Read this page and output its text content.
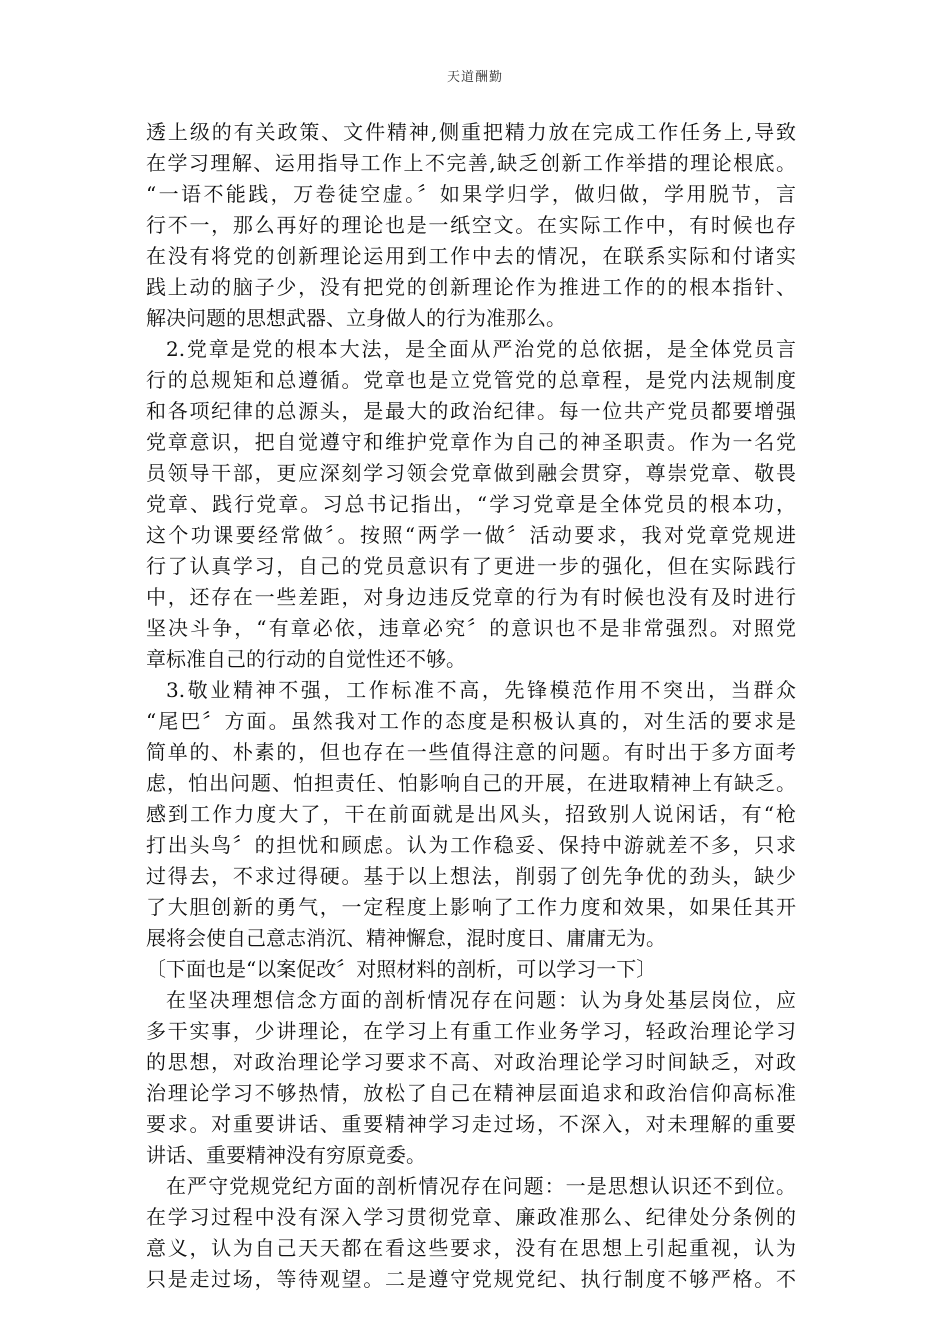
天道酬勤
透上级的有关政策、文件精神,侧重把精力放在完成工作任务上,导致
在学习理解、运用指导工作上不完善,缺乏创新工作举措的理论根底。
“一语不能践，万卷徒空虚。〞如果学归学，做归做，学用脱节，言
行不一，那么再好的理论也是一纸空文。在实际工作中，有时候也存
在没有将党的创新理论运用到工作中去的情况，在联系实际和付诸实
践上动的脑子少，没有把党的创新理论作为推进工作的的根本指针、
解决问题的思想武器、立身做人的行为准那么。
2.党章是党的根本大法，是全面从严治党的总依据，是全体党员言
行的总规矩和总遵循。党章也是立党管党的总章程，是党内法规制度
和各项纪律的总源头，是最大的政治纪律。每一位共产党员都要增强
党章意识，把自觉遵守和维护党章作为自己的神圣职责。作为一名党
员领导干部，更应深刻学习领会党章做到融会贯穿，尊崇党章、敬畏
党章、践行党章。习总书记指出，“学习党章是全体党员的根本功，
这个功课要经常做〞。按照“两学一做〞活动要求，我对党章党规进
行了认真学习，自己的党员意识有了更进一步的强化，但在实际践行
中，还存在一些差距，对身边违反党章的行为有时候也没有及时进行
坚决斗争，“有章必依，违章必究〞的意识也不是非常强烈。对照党
章标准自己的行动的自觉性还不够。
3.敬业精神不强，工作标准不高，先锋模范作用不突出，当群众
“尾巴〞方面。虽然我对工作的态度是积极认真的，对生活的要求是
简单的、朴素的，但也存在一些值得注意的问题。有时出于多方面考
虑，怕出问题、怕担责任、怕影响自己的开展，在进取精神上有缺乏。
感到工作力度大了，干在前面就是出风头，招致别人说闲话，有“枪
打出头鸟〞的担忧和顾虑。认为工作稳妥、保持中游就差不多，只求
过得去，不求过得硬。基于以上想法，削弱了创先争优的劲头，缺少
了大胆创新的勇气，一定程度上影响了工作力度和效果，如果任其开
展将会使自己意志消沉、精神懈怠，混时度日、庸庸无为。
〔下面也是“以案促改〞对照材料的剖析，可以学习一下〕
在坚决理想信念方面的剖析情况存在问题：认为身处基层岗位，应
多干实事，少讲理论，在学习上有重工作业务学习，轻政治理论学习
的思想，对政治理论学习要求不高、对政治理论学习时间缺乏，对政
治理论学习不够热情，放松了自己在精神层面追求和政治信仰高标准
要求。对重要讲话、重要精神学习走过场，不深入，对未理解的重要
讲话、重要精神没有穷原竟委。
在严守党规党纪方面的剖析情况存在问题：一是思想认识还不到位。
在学习过程中没有深入学习贯彻党章、廉政准那么、纪律处分条例的
意义，认为自己天天都在看这些要求，没有在思想上引起重视，认为
只是走过场，等待观望。二是遵守党规党纪、执行制度不够严格。不
